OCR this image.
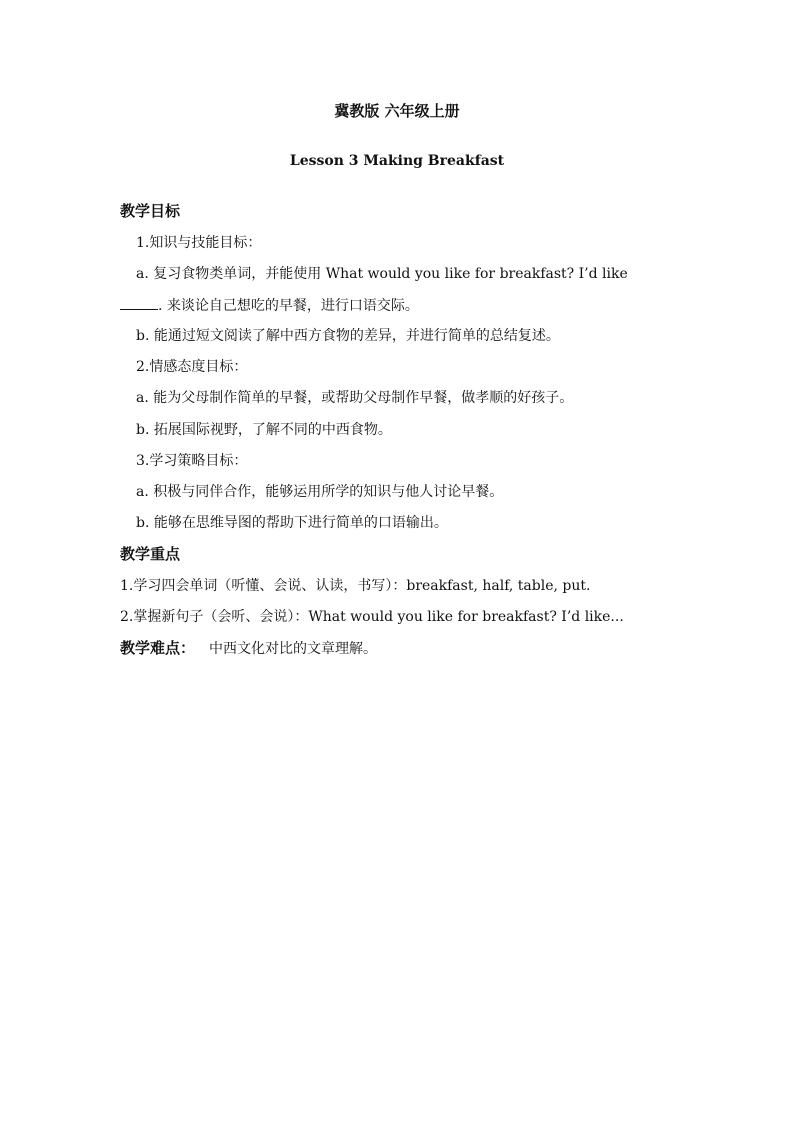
冀教版 六年级上册
Lesson 3 Making Breakfast
教学目标
1.知识与技能目标：
a. 复习食物类单词，并能使用 What would you like for breakfast? I’d like
. 来谈论自己想吃的早餐，进行口语交际。
b. 能通过短文阅读了解中西方食物的差异，并进行简单的总结复述。
2.情感态度目标：
a. 能为父母制作简单的早餐，或帮助父母制作早餐，做孝顺的好孩子。
b. 拓展国际视野，了解不同的中西食物。
3.学习策略目标：
a. 积极与同伴合作，能够运用所学的知识与他人讨论早餐。
b. 能够在思维导图的帮助下进行简单的口语输出。
教学重点
1.学习四会单词（听懂、会说、认读，书写）：breakfast, half, table, put.
2.掌握新句子（会听、会说）：What would you like for breakfast? I’d like...
教学难点： 中西文化对比的文章理解。
